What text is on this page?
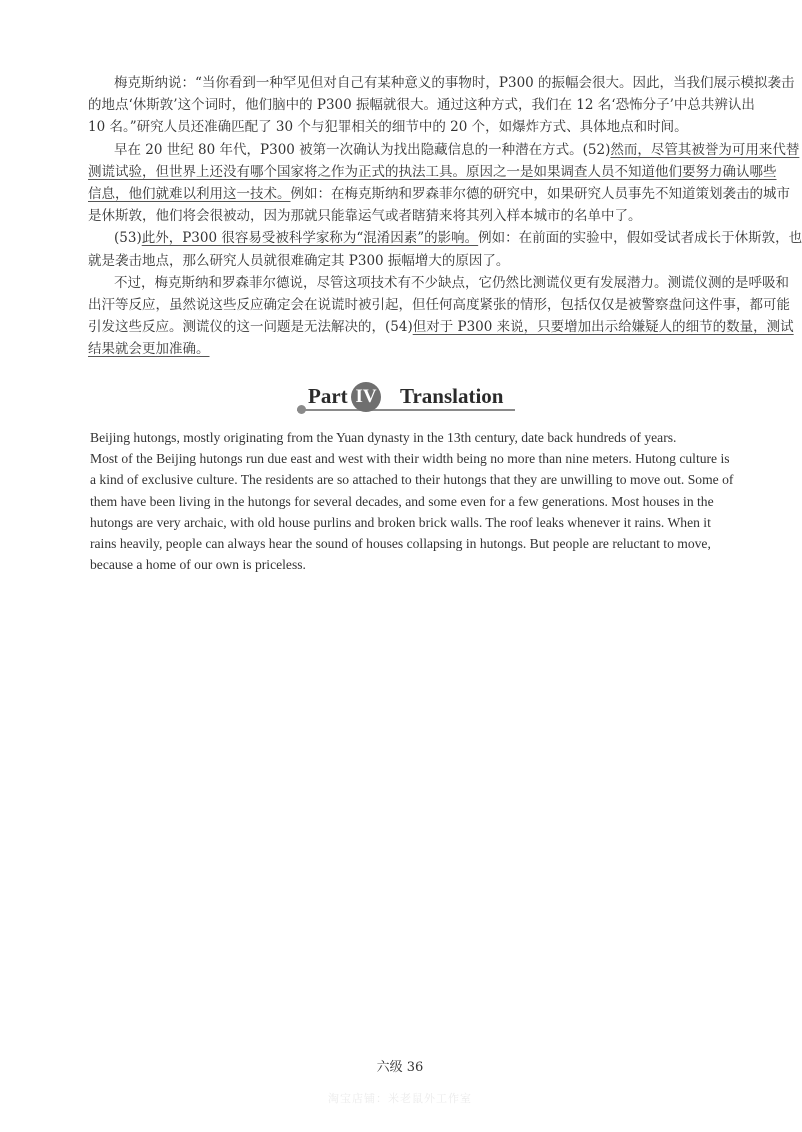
梅克斯纳说：“当你看到一种罕见但对自己有某种意义的事物时，P300 的振幅会很大。因此，当我们展示模拟袭击
的地点‘休斯敦’这个词时，他们脑中的 P300 振幅就很大。通过这种方式，我们在 12 名‘恐怖分子’中总共辨认出
10 名。”研究人员还准确匹配了 30 个与犯罪相关的细节中的 20 个，如爆炸方式、具体地点和时间。
早在 20 世纪 80 年代，P300 被第一次确认为找出隐藏信息的一种潜在方式。(52)然而，尽管其被誉为可用来代替
测谎试验，但世界上还没有哪个国家将之作为正式的执法工具。原因之一是如果调查人员不知道他们要努力确认哪些
信息，他们就难以利用这一技术。例如：在梅克斯纳和罗森菲尔德的研究中，如果研究人员事先不知道策划袭击的城市
是休斯敦，他们将会很被动，因为那就只能靠运气或者瞎猜来将其列入样本城市的名单中了。
(53)此外，P300 很容易受被科学家称为“混淆因素”的影响。例如：在前面的实验中，假如受试者成长于休斯敦，也
就是袭击地点，那么研究人员就很难确定其 P300 振幅增大的原因了。
不过，梅克斯纳和罗森菲尔德说，尽管这项技术有不少缺点，它仍然比测谎仪更有发展潜力。测谎仪测的是呼吸和
出汗等反应，虽然说这些反应确定会在说谎时被引起，但任何高度紧张的情形，包括仅仅是被警察盘问这件事，都可能
引发这些反应。测谎仪的这一问题是无法解决的，(54)但对于 P300 来说，只要增加出示给嫌疑人的细节的数量，测试
结果就会更加准确。
Part IV Translation
Beijing hutongs, mostly originating from the Yuan dynasty in the 13th century, date back hundreds of years.
Most of the Beijing hutongs run due east and west with their width being no more than nine meters. Hutong culture is
a kind of exclusive culture. The residents are so attached to their hutongs that they are unwilling to move out. Some of
them have been living in the hutongs for several decades, and some even for a few generations. Most houses in the
hutongs are very archaic, with old house purlins and broken brick walls. The roof leaks whenever it rains. When it
rains heavily, people can always hear the sound of houses collapsing in hutongs. But people are reluctant to move,
because a home of our own is priceless.
六级 36
淘宝店铺：米老鼠外工作室
